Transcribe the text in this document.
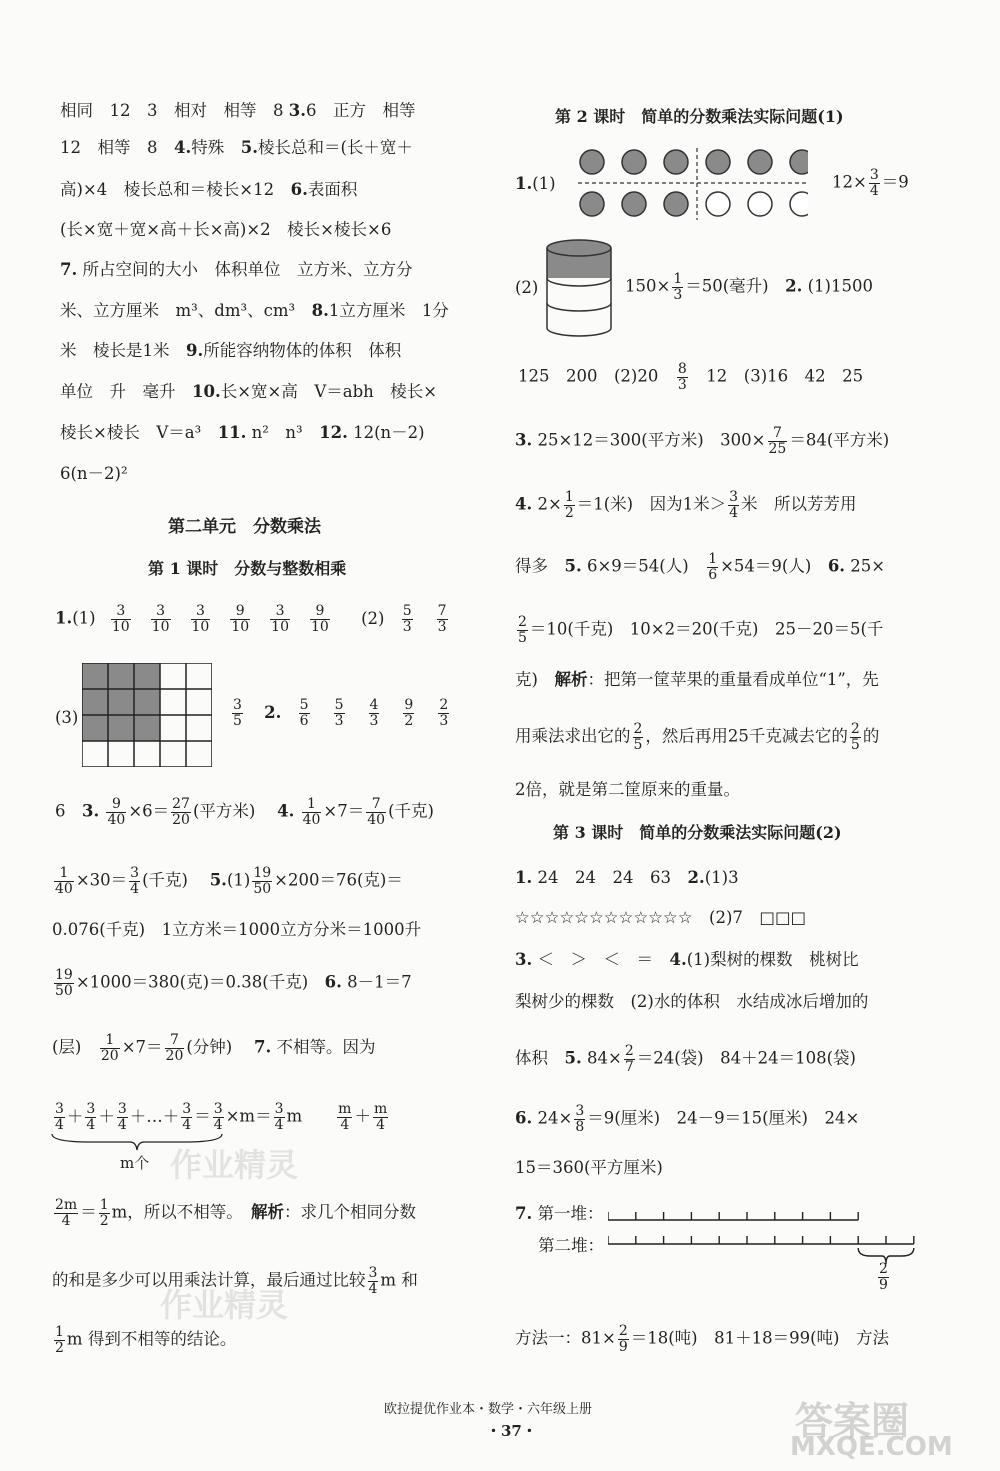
相同　12　3　相对　相等　8 3.6　正方　相等
12　相等　8　 4.特殊　 5.棱长总和＝(长＋宽＋
高)×4　棱长总和＝棱长×12　 6.表面积
(长×宽＋宽×高＋长×高)×2　棱长×棱长×6
7. 所占空间的大小　体积单位　立方米、立方分
米、立方厘米　m³、dm³、cm³　 8.1立方厘米　1分
米　棱长是1米　 9.所能容纳物体的体积　体积
单位　升　毫升　 10.长×宽×高　V＝abh　棱长×
棱长×棱长　V＝a³　 11. n²　n³　 12. 12(n－2)
6(n－2)²
第二单元　分数乘法
第 1 课时　分数与整数相乘
$1.(1) \frac{3}{10} \frac{3}{10} \frac{3}{10} \frac{9}{10} \frac{3}{10} \frac{9}{10} (2) \frac{5}{3} \frac{7}{3}$
(3)	$\frac{3}{5} 2$. $\frac{5}{6} \frac{5}{3} \frac{4}{3} \frac{9}{2} \frac{2}{3}$
6　 3. $\frac{9}{40} \times 6= \frac{27}{20}$ (平方米) 　 4. $\frac{1}{40} \times 7= \frac{7}{40}$ (千克)
$\frac{1}{40} \times 30= \frac{3}{4}$ (千克) 　 $5.(1) \frac{19}{50} \times 200=76$(克)＝
0.076(千克)　1立方米＝1000立方分米＝1000升
$\frac{19}{50} \times 1000=380$(克)＝0.38(千克)　 6. 8－1＝7
(层)　 $\frac{1}{20} \times 7= \frac{7}{20}$ (分钟) 　 7. 不相等。因为
$\frac{3}{4} + \frac{3}{4} + \frac{3}{4}$ ＋…＋ $\frac{3}{4} = \frac{3}{4} \times m= \frac{3}{4}$ m　　 $\frac{m}{4} + \frac{m}{4}$
m个
$\frac{2m}{4} = \frac{1}{2}$ m，所以不相等。　 解析：求几个相同分数
的和是多少可以用乘法计算，最后通过比较 $\frac{3}{4}$ m 和
$\frac{1}{2}$ m 得到不相等的结论。
第 2 课时　简单的分数乘法实际问题(1)
1.(1)	$12\times \frac{3}{4} =9$
(2)	$150\times \frac{1}{3} =50$(毫升)　 2. (1)1500
125　200　(2)20　 $\frac{8}{3}$
　 12　(3)16　42　25
3. 25×12＝300(平方米)　$300\times \frac{7}{25} =84$(平方米)
4. $2\times \frac{1}{2} =1$(米)　因为1米＞ $\frac{3}{4}$ 米　所以芳芳用
得多　 5. 6×9＝54(人)　 $\frac{1}{6} \times 54=9$(人)　 6. 25×
$\frac{2}{5} =10$(千克)　10×2＝20(千克)　25－20＝5(千
克)　 解析：把第一筐苹果的重量看成单位“1”，先
用乘法求出它的 $\frac{2}{5}$ ，然后再用25千克减去它的 $\frac{2}{5}$ 的
2倍，就是第二筐原来的重量。
第 3 课时　简单的分数乘法实际问题(2)
1. 24　24　24　63　 2.(1)3
☆☆☆☆☆☆☆☆☆☆☆☆　(2)7　□□□
3. ＜　＞　＜　＝　 4.(1)梨树的棵数　桃树比
梨树少的棵数　(2)水的体积　水结成冰后增加的
体积　 5. $84\times \frac{2}{7} =24$(袋)　84＋24＝108(袋)
6. $24\times \frac{3}{8} =9$(厘米)　24－9＝15(厘米)　24×
15＝360(平方厘米)
7. 第一堆：
第二堆：
$\frac{2}{9}$
方法一：$81\times \frac{2}{9} =18$(吨)　81＋18＝99(吨)　方法
欧拉提优作业本・数学・六年级上册
・37・
作业精灵
作业精灵
答案圈
MXQE.COM
